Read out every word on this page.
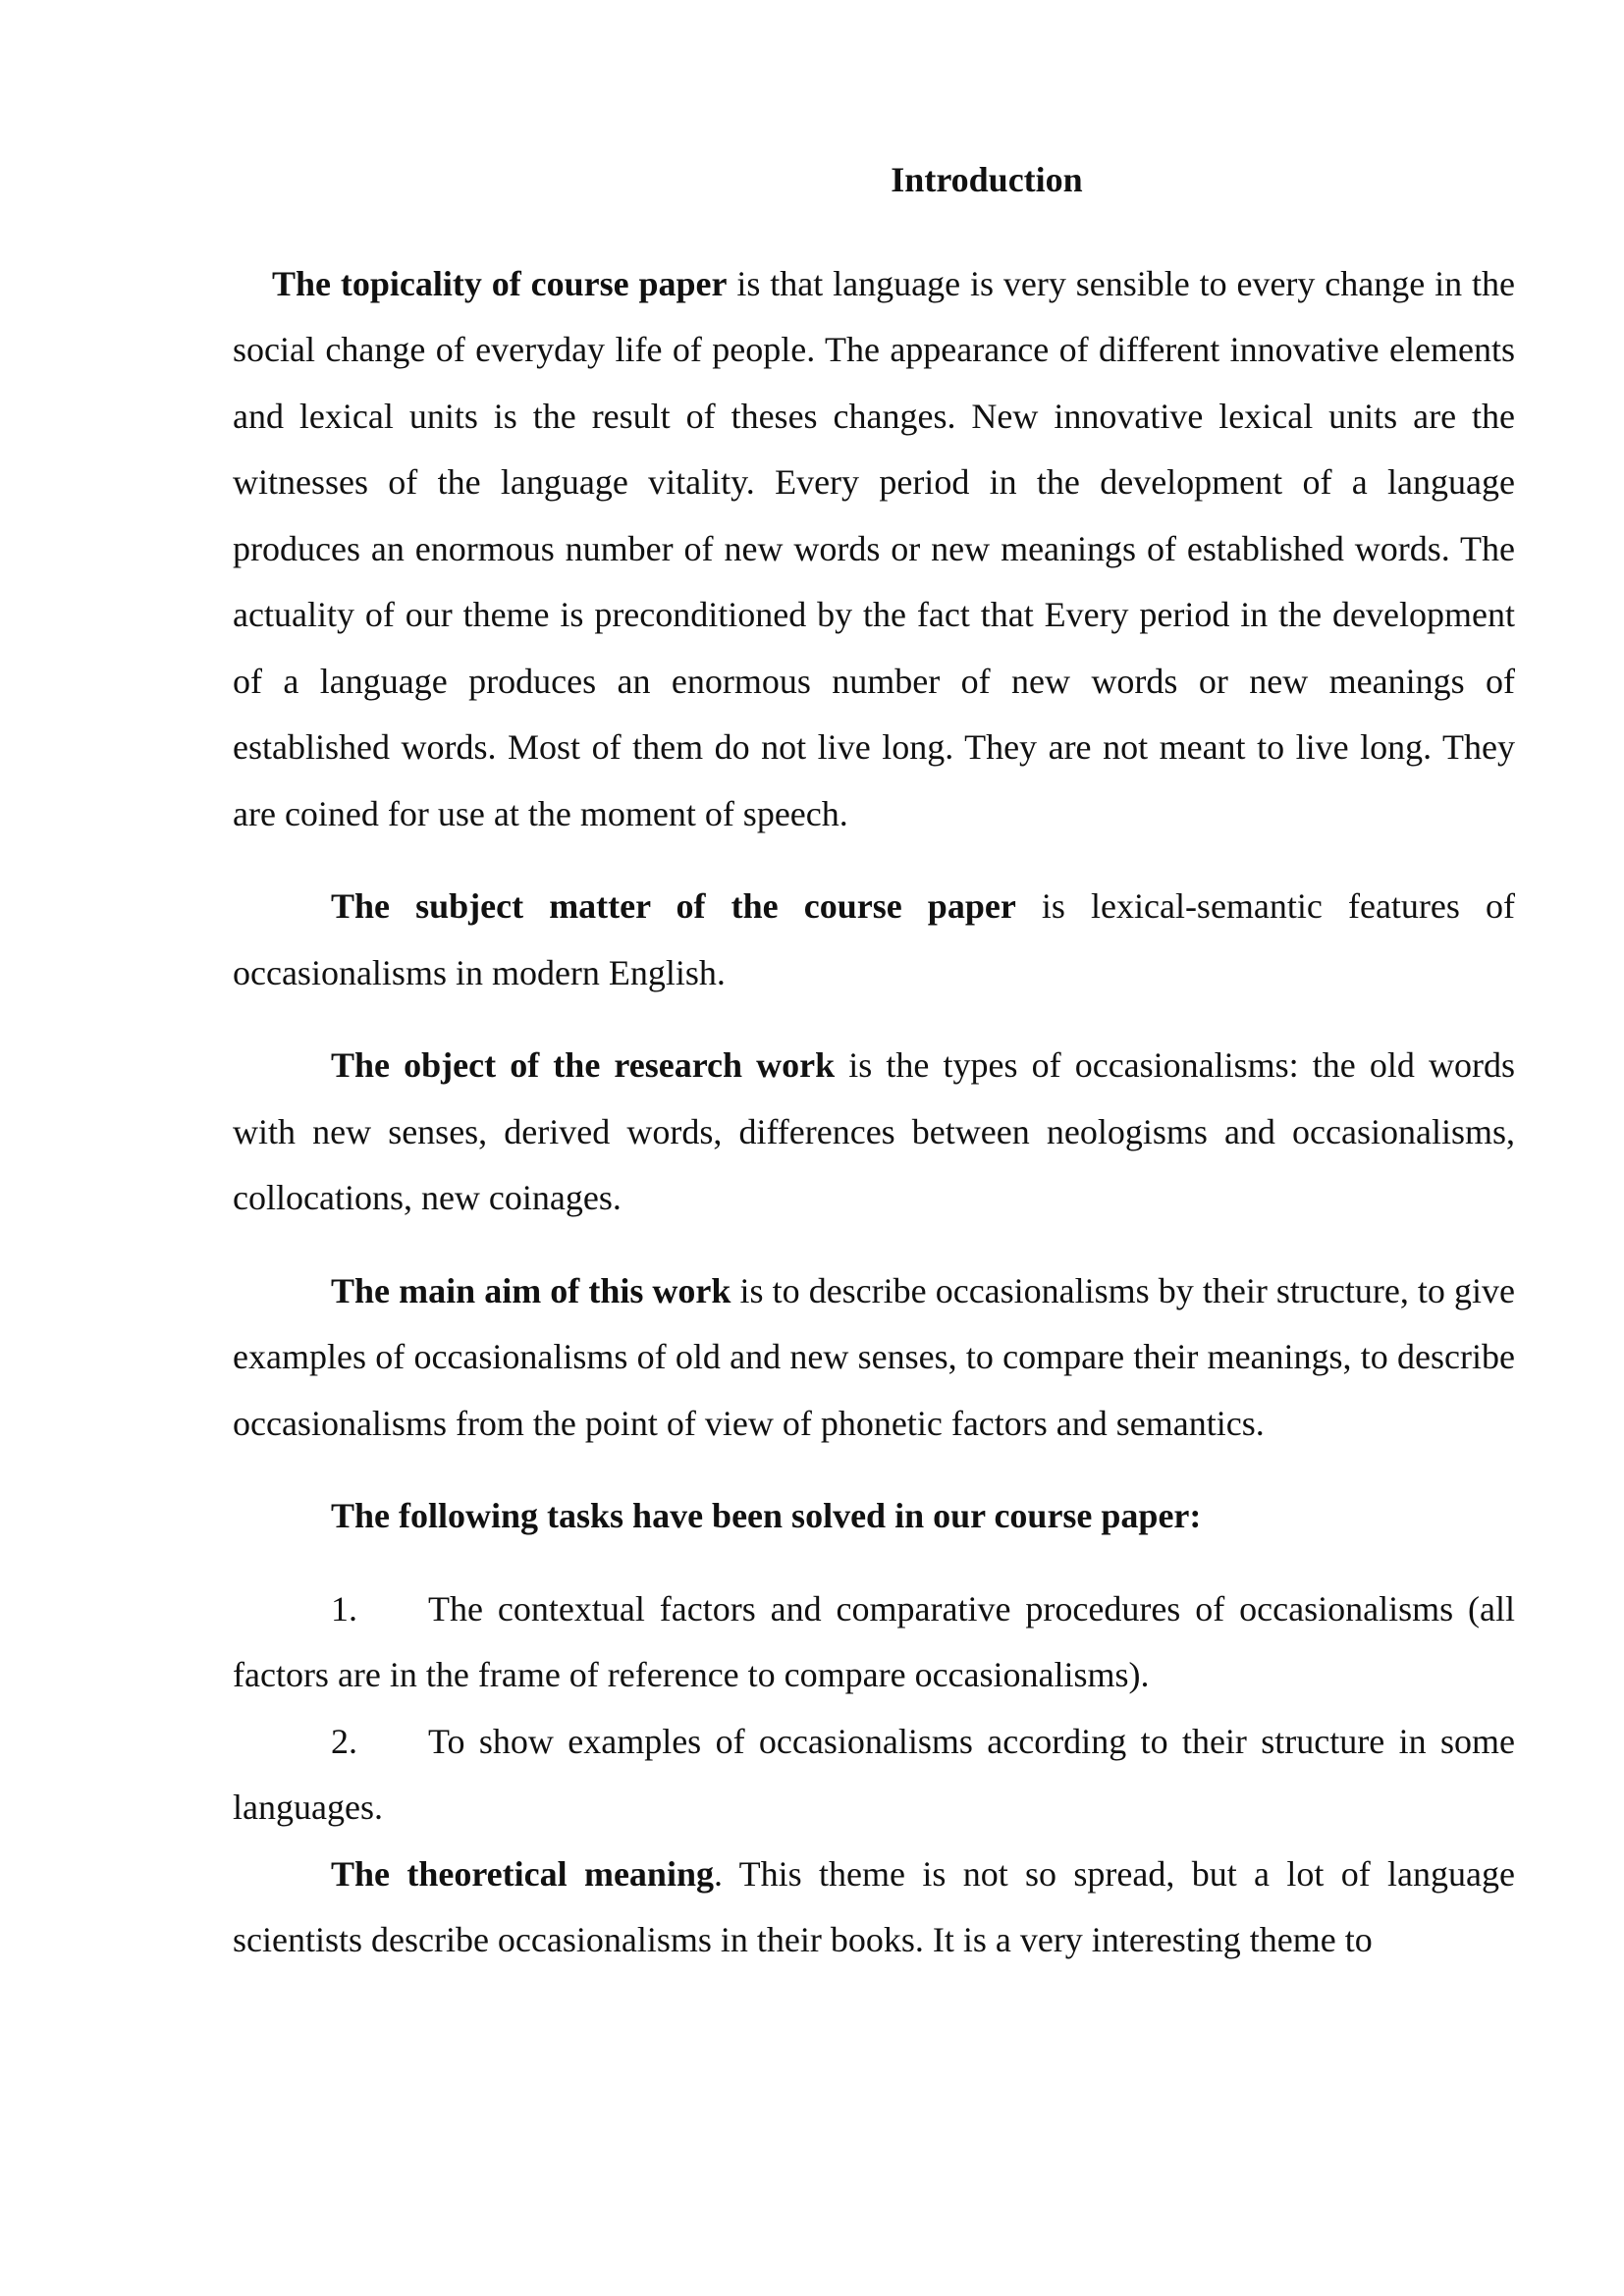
Introduction

The topicality of course paper is that language is very sensible to every change in the social change of everyday life of people. The appearance of different innovative elements and lexical units is the result of theses changes. New innovative lexical units are the witnesses of the language vitality. Every period in the development of a language produces an enormous number of new words or new meanings of established words. The actuality of our theme is preconditioned by the fact that Every period in the development of a language produces an enormous number of new words or new meanings of established words. Most of them do not live long. They are not meant to live long. They are coined for use at the moment of speech.

The subject matter of the course paper is lexical-semantic features of occasionalisms in modern English.

The object of the research work is the types of occasionalisms: the old words with new senses, derived words, differences between neologisms and occasionalisms, collocations, new coinages.

The main aim of this work is to describe occasionalisms by their structure, to give examples of occasionalisms of old and new senses, to compare their meanings, to describe occasionalisms from the point of view of phonetic factors and semantics.

The following tasks have been solved in our course paper:

1. The contextual factors and comparative procedures of occasionalisms (all factors are in the frame of reference to compare occasionalisms).

2. To show examples of occasionalisms according to their structure in some languages.

The theoretical meaning. This theme is not so spread, but a lot of language scientists describe occasionalisms in their books. It is a very interesting theme to
